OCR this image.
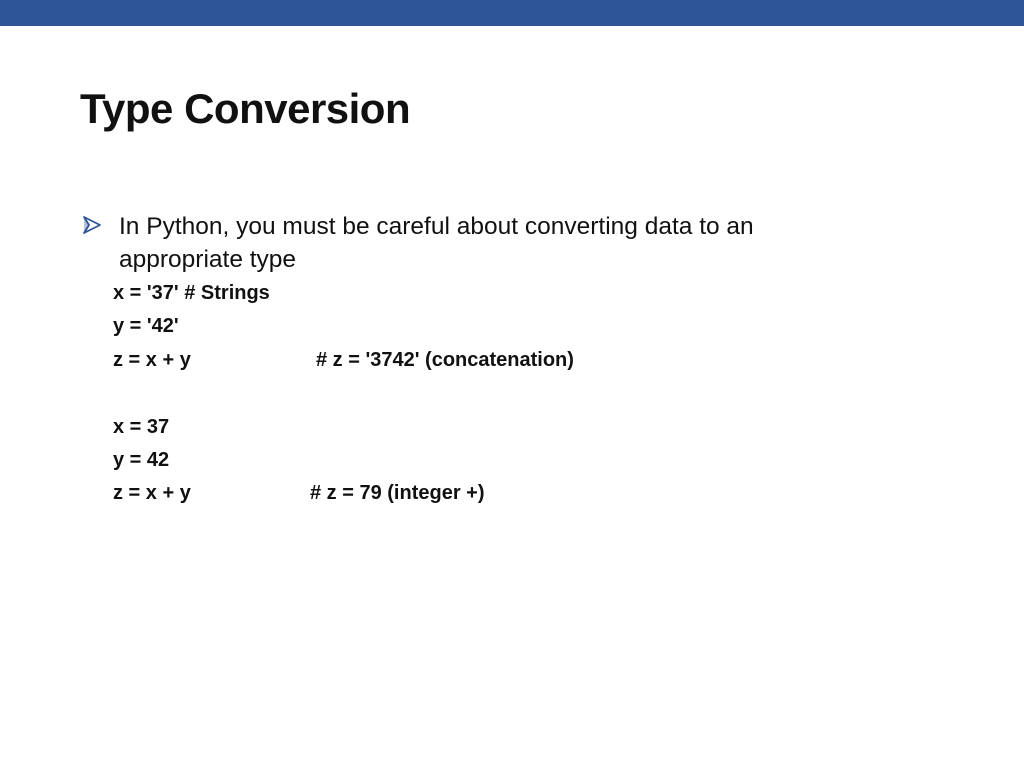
Type Conversion
In Python, you must be careful about converting data to an appropriate type
x = '37' # Strings
y = '42'
z = x + y	# z = '3742' (concatenation)
x = 37
y = 42
z = x + y	# z = 79 (integer +)
